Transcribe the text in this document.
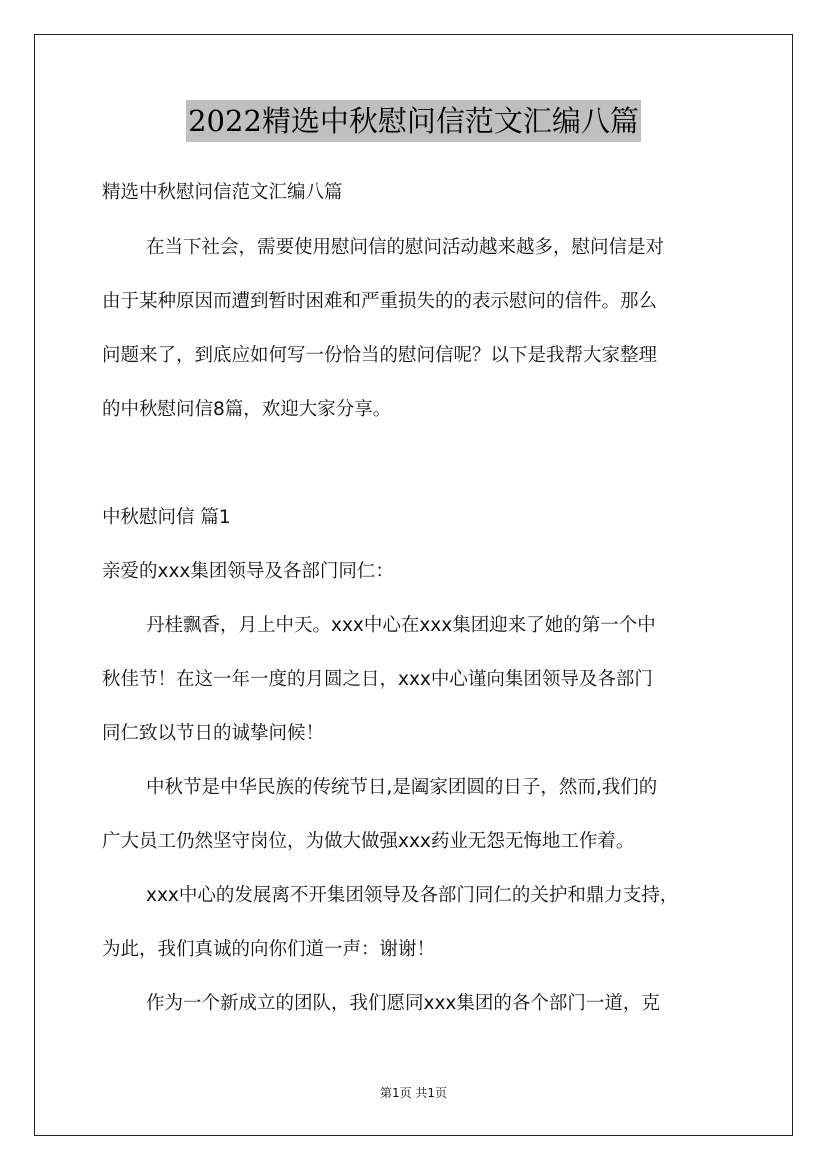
2022精选中秋慰问信范文汇编八篇
精选中秋慰问信范文汇编八篇
在当下社会，需要使用慰问信的慰问活动越来越多，慰问信是对
由于某种原因而遭到暂时困难和严重损失的的表示慰问的信件。那么
问题来了，到底应如何写一份恰当的慰问信呢？以下是我帮大家整理
的中秋慰问信8篇，欢迎大家分享。
中秋慰问信 篇1
亲爱的xxx集团领导及各部门同仁：
丹桂飘香，月上中天。xxx中心在xxx集团迎来了她的第一个中
秋佳节！在这一年一度的月圆之日，xxx中心谨向集团领导及各部门
同仁致以节日的诚挚问候！
中秋节是中华民族的传统节日,是阖家团圆的日子，然而,我们的
广大员工仍然坚守岗位，为做大做强xxx药业无怨无悔地工作着。
xxx中心的发展离不开集团领导及各部门同仁的关护和鼎力支持，
为此，我们真诚的向你们道一声：谢谢！
作为一个新成立的团队，我们愿同xxx集团的各个部门一道，克
第1页 共1页
